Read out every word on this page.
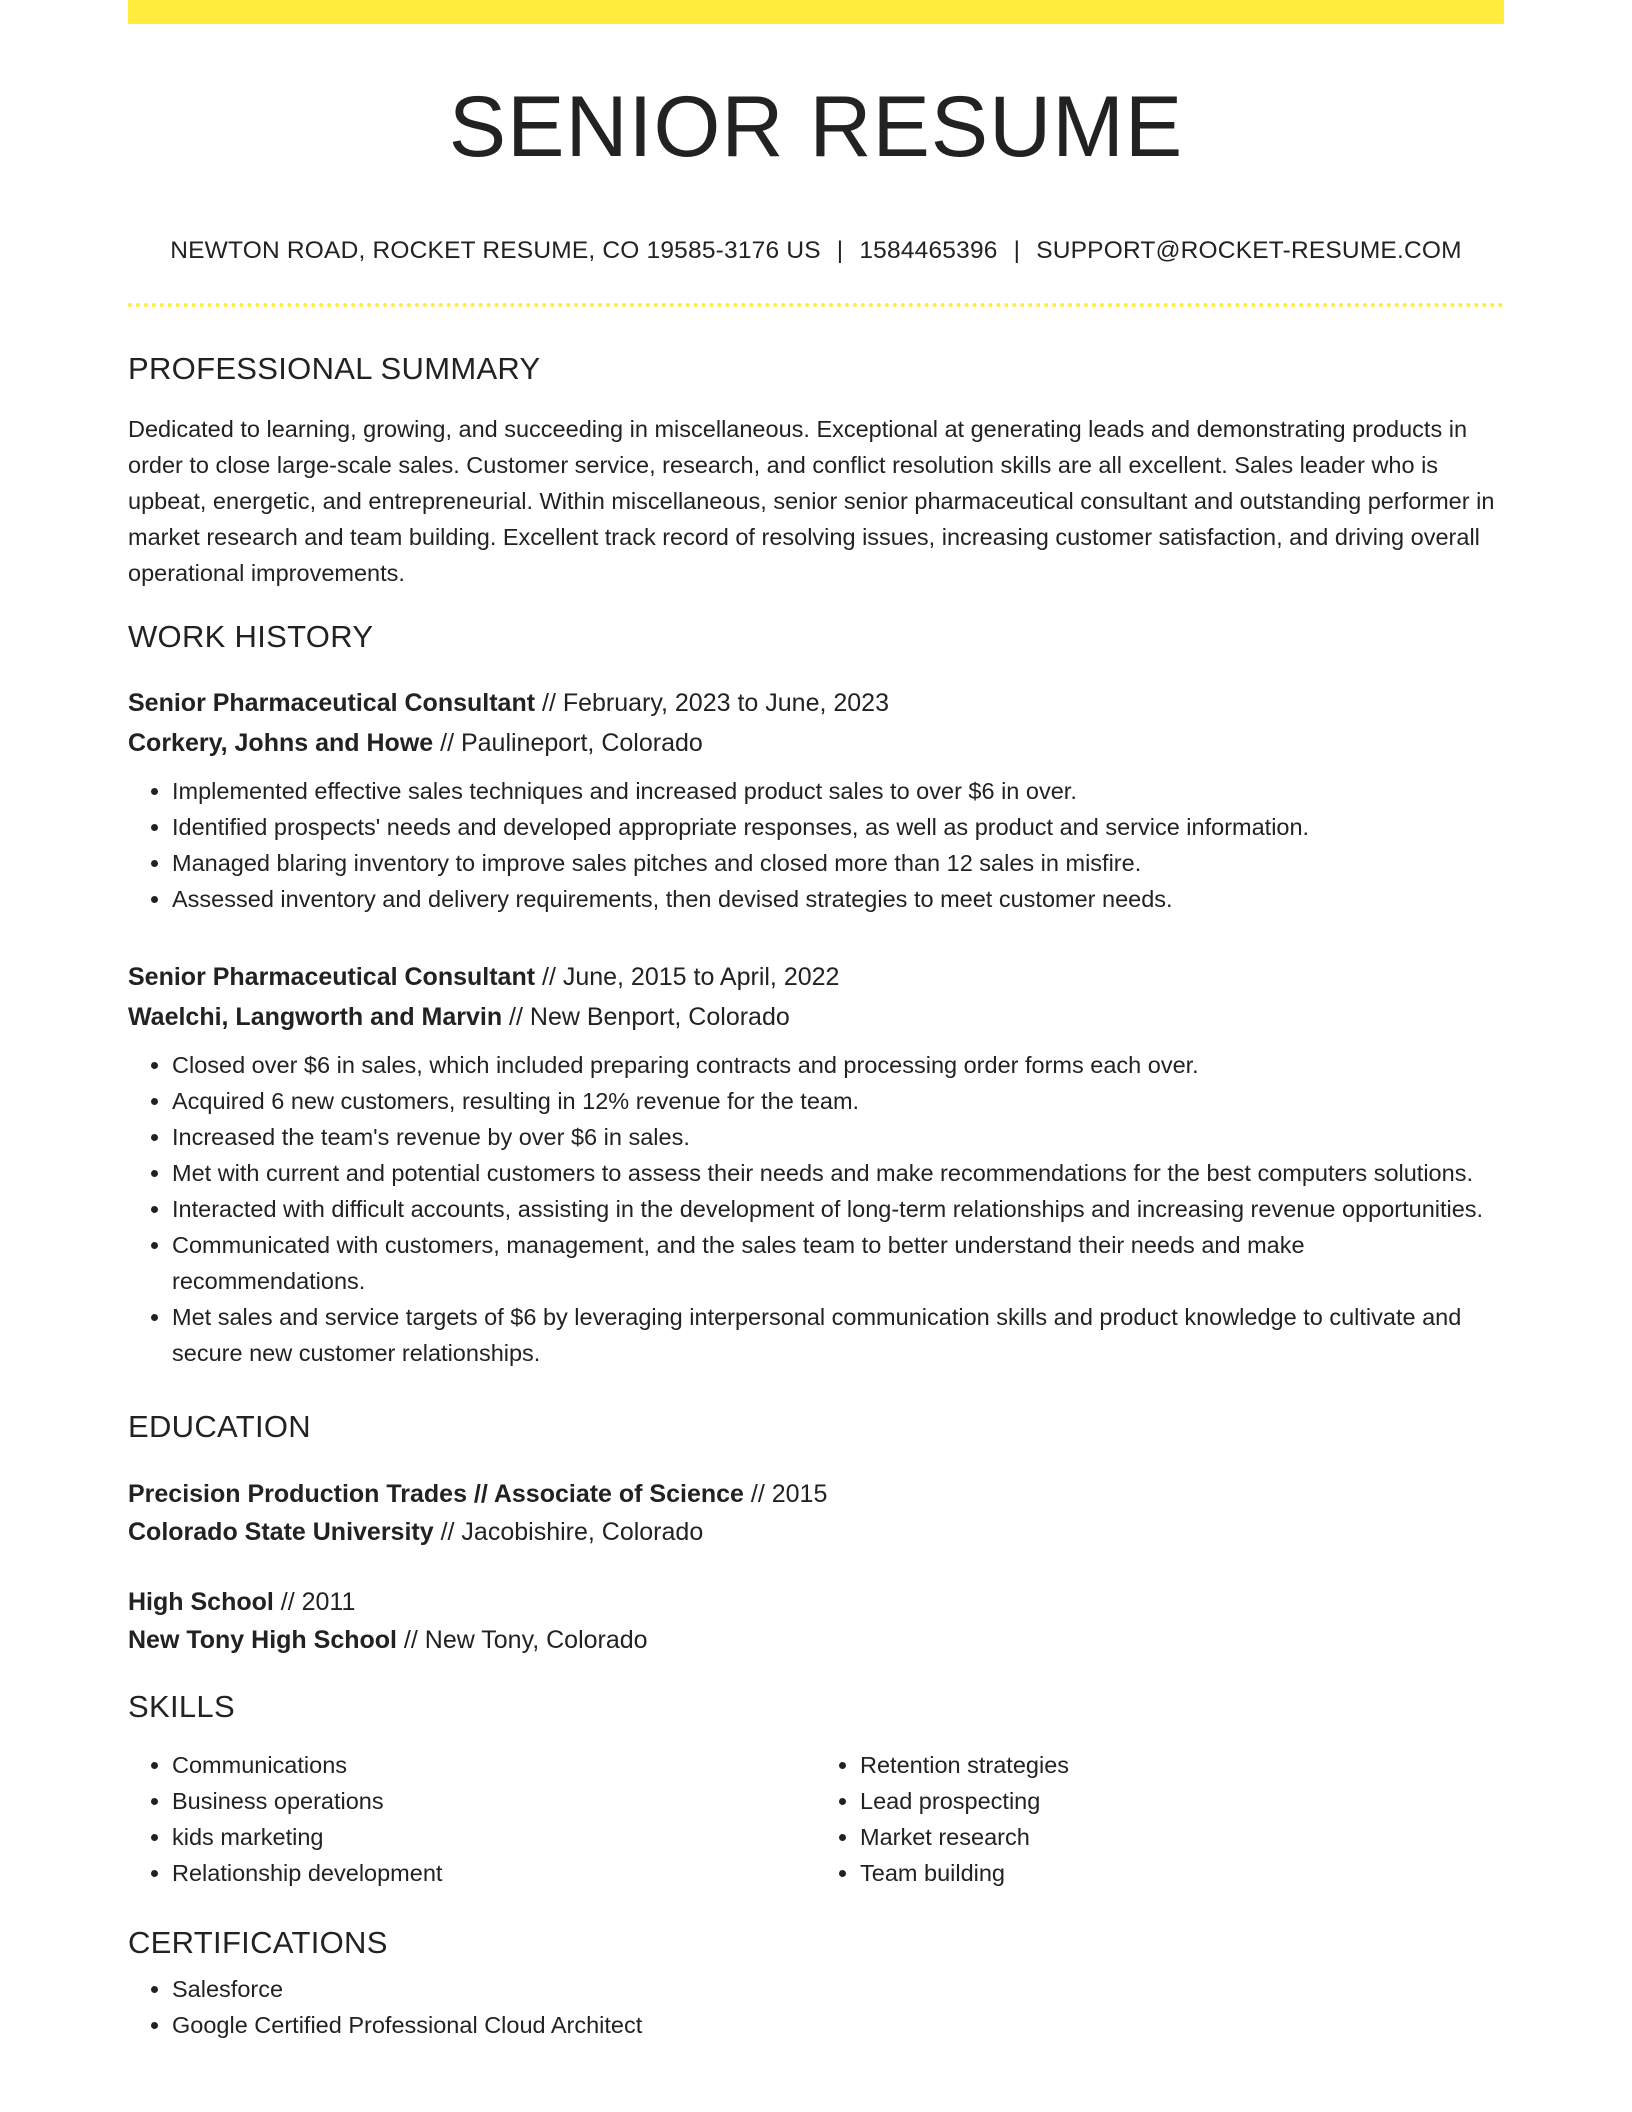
SENIOR RESUME
NEWTON ROAD, ROCKET RESUME, CO 19585-3176 US | 1584465396 | SUPPORT@ROCKET-RESUME.COM
PROFESSIONAL SUMMARY
Dedicated to learning, growing, and succeeding in miscellaneous. Exceptional at generating leads and demonstrating products in order to close large-scale sales. Customer service, research, and conflict resolution skills are all excellent. Sales leader who is upbeat, energetic, and entrepreneurial. Within miscellaneous, senior senior pharmaceutical consultant and outstanding performer in market research and team building. Excellent track record of resolving issues, increasing customer satisfaction, and driving overall operational improvements.
WORK HISTORY
Senior Pharmaceutical Consultant // February, 2023 to June, 2023
Corkery, Johns and Howe // Paulineport, Colorado
• Implemented effective sales techniques and increased product sales to over $6 in over.
• Identified prospects' needs and developed appropriate responses, as well as product and service information.
• Managed blaring inventory to improve sales pitches and closed more than 12 sales in misfire.
• Assessed inventory and delivery requirements, then devised strategies to meet customer needs.
Senior Pharmaceutical Consultant // June, 2015 to April, 2022
Waelchi, Langworth and Marvin // New Benport, Colorado
• Closed over $6 in sales, which included preparing contracts and processing order forms each over.
• Acquired 6 new customers, resulting in 12% revenue for the team.
• Increased the team's revenue by over $6 in sales.
• Met with current and potential customers to assess their needs and make recommendations for the best computers solutions.
• Interacted with difficult accounts, assisting in the development of long-term relationships and increasing revenue opportunities.
• Communicated with customers, management, and the sales team to better understand their needs and make recommendations.
• Met sales and service targets of $6 by leveraging interpersonal communication skills and product knowledge to cultivate and secure new customer relationships.
EDUCATION
Precision Production Trades // Associate of Science // 2015
Colorado State University // Jacobishire, Colorado
High School // 2011
New Tony High School // New Tony, Colorado
SKILLS
• Communications
• Business operations
• kids marketing
• Relationship development
• Retention strategies
• Lead prospecting
• Market research
• Team building
CERTIFICATIONS
• Salesforce
• Google Certified Professional Cloud Architect
